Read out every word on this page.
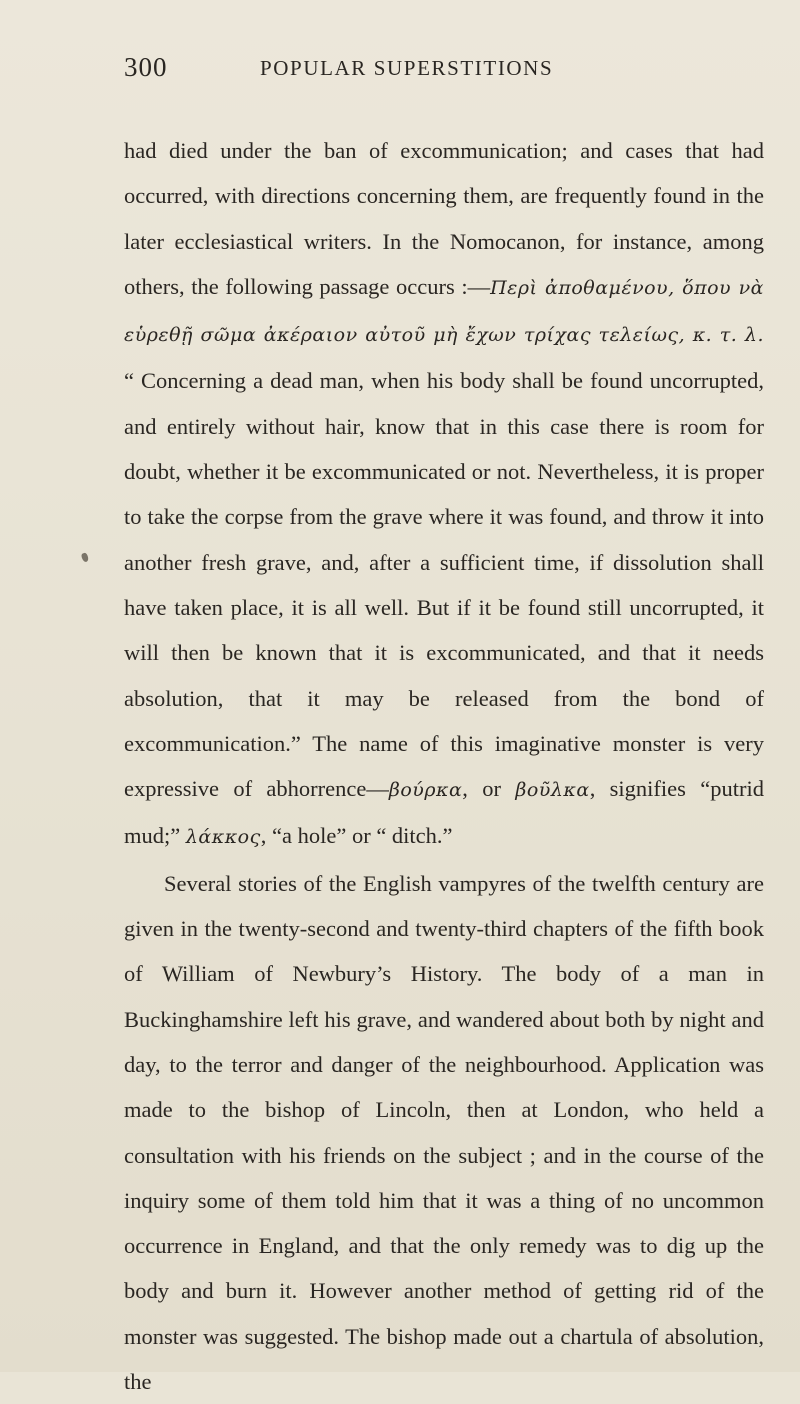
300	POPULAR SUPERSTITIONS

had died under the ban of excommunication; and cases that had occurred, with directions concerning them, are frequently found in the later ecclesiastical writers. In the Nomocanon, for instance, among others, the following passage occurs :—Περὶ ἀποθαμένου, ὅπου νὰ εὑρεθῇ σῶμα ἀκέραιον αὐτοῦ μὴ ἔχων τρίχας τελείως, κ. τ. λ. “ Concerning a dead man, when his body shall be found uncorrupted, and entirely without hair, know that in this case there is room for doubt, whether it be excommunicated or not. Nevertheless, it is proper to take the corpse from the grave where it was found, and throw it into another fresh grave, and, after a sufficient time, if dissolution shall have taken place, it is all well. But if it be found still uncorrupted, it will then be known that it is excommunicated, and that it needs absolution, that it may be released from the bond of excommunication.” The name of this imaginative monster is very expressive of abhorrence—βούρκα, or βοῦλκα, signifies “putrid mud;” λάκκος, “a hole” or “ ditch.”

Several stories of the English vampyres of the twelfth century are given in the twenty-second and twenty-third chapters of the fifth book of William of Newbury’s History. The body of a man in Buckinghamshire left his grave, and wandered about both by night and day, to the terror and danger of the neighbourhood. Application was made to the bishop of Lincoln, then at London, who held a consultation with his friends on the subject ; and in the course of the inquiry some of them told him that it was a thing of no uncommon occurrence in England, and that the only remedy was to dig up the body and burn it. However another method of getting rid of the monster was suggested. The bishop made out a chartula of absolution, the
